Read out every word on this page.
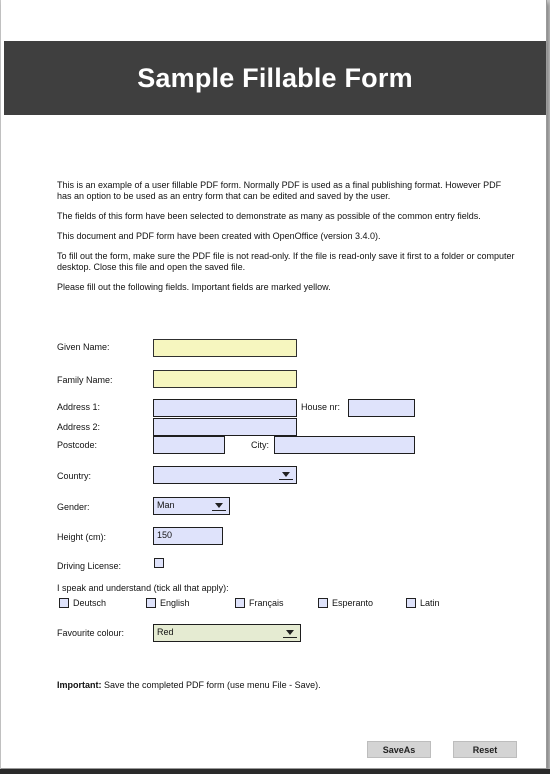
Sample Fillable Form

This is an example of a user fillable PDF form. Normally PDF is used as a final publishing format. However PDF has an option to be used as an entry form that can be edited and saved by the user.

The fields of this form have been selected to demonstrate as many as possible of the common entry fields.

This document and PDF form have been created with OpenOffice (version 3.4.0).

To fill out the form, make sure the PDF file is not read-only. If the file is read-only save it first to a folder or computer desktop. Close this file and open the saved file.

Please fill out the following fields. Important fields are marked yellow.

Given Name:
Family Name:
Address 1:	House nr:
Address 2:
Postcode:	City:
Country:
Gender:	Man
Height (cm):	150
Driving License:
I speak and understand (tick all that apply):
Deutsch	English	Français	Esperanto	Latin
Favourite colour:	Red
Important: Save the completed PDF form (use menu File - Save).
SaveAs	Reset
